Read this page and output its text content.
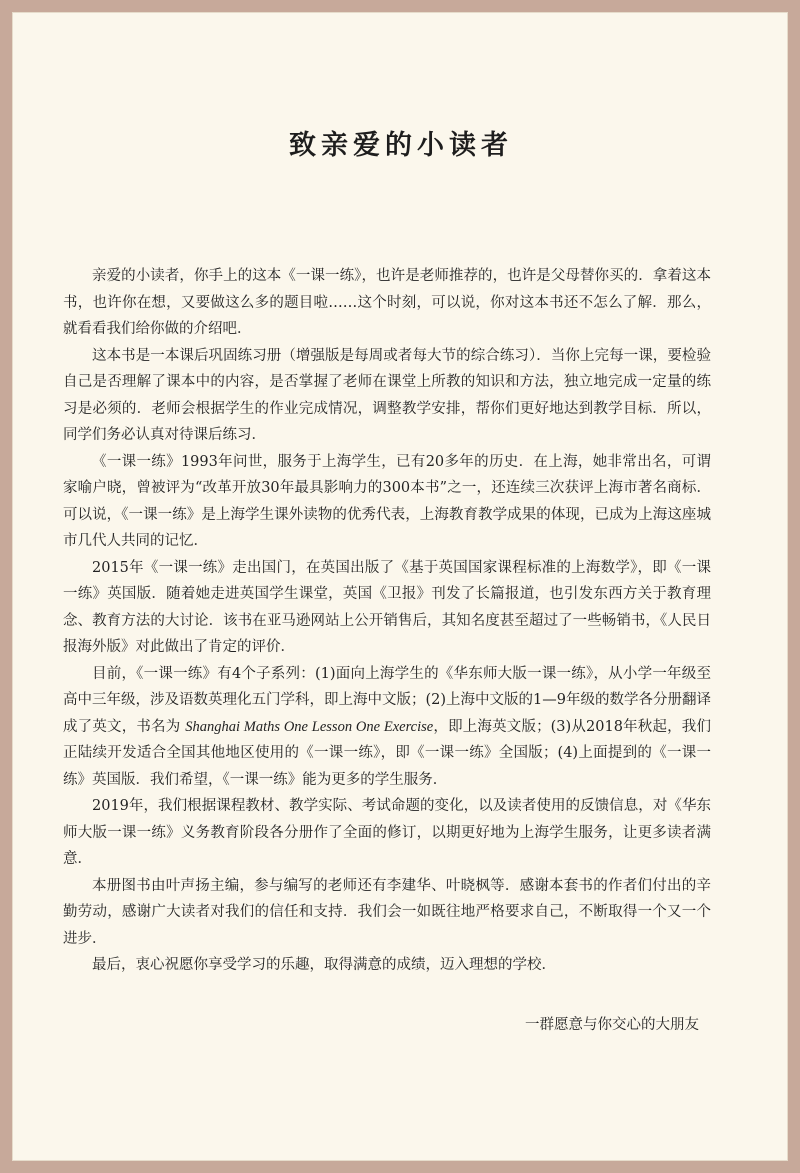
致亲爱的小读者

亲爱的小读者，你手上的这本《一课一练》，也许是老师推荐的，也许是父母替你买的．拿着这本书，也许你在想，又要做这么多的题目啦……这个时刻，可以说，你对这本书还不怎么了解．那么，就看看我们给你做的介绍吧．

这本书是一本课后巩固练习册（增强版是每周或者每大节的综合练习）．当你上完每一课，要检验自己是否理解了课本中的内容，是否掌握了老师在课堂上所教的知识和方法，独立地完成一定量的练习是必须的．老师会根据学生的作业完成情况，调整教学安排，帮你们更好地达到教学目标．所以，同学们务必认真对待课后练习．

《一课一练》1993年问世，服务于上海学生，已有20多年的历史．在上海，她非常出名，可谓家喻户晓，曾被评为“改革开放30年最具影响力的300本书”之一，还连续三次获评上海市著名商标．可以说，《一课一练》是上海学生课外读物的优秀代表，上海教育教学成果的体现，已成为上海这座城市几代人共同的记忆．

2015年《一课一练》走出国门，在英国出版了《基于英国国家课程标准的上海数学》，即《一课一练》英国版．随着她走进英国学生课堂，英国《卫报》刊发了长篇报道，也引发东西方关于教育理念、教育方法的大讨论．该书在亚马逊网站上公开销售后，其知名度甚至超过了一些畅销书，《人民日报海外版》对此做出了肯定的评价．

目前，《一课一练》有4个子系列：(1)面向上海学生的《华东师大版一课一练》，从小学一年级至高中三年级，涉及语数英理化五门学科，即上海中文版；(2)上海中文版的1—9年级的数学各分册翻译成了英文，书名为 Shanghai Maths One Lesson One Exercise，即上海英文版；(3)从2018年秋起，我们正陆续开发适合全国其他地区使用的《一课一练》，即《一课一练》全国版；(4)上面提到的《一课一练》英国版．我们希望，《一课一练》能为更多的学生服务．

2019年，我们根据课程教材、教学实际、考试命题的变化，以及读者使用的反馈信息，对《华东师大版一课一练》义务教育阶段各分册作了全面的修订，以期更好地为上海学生服务，让更多读者满意．

本册图书由叶声扬主编，参与编写的老师还有李建华、叶晓枫等．感谢本套书的作者们付出的辛勤劳动，感谢广大读者对我们的信任和支持．我们会一如既往地严格要求自己，不断取得一个又一个进步．

最后，衷心祝愿你享受学习的乐趣，取得满意的成绩，迈入理想的学校．

一群愿意与你交心的大朋友
